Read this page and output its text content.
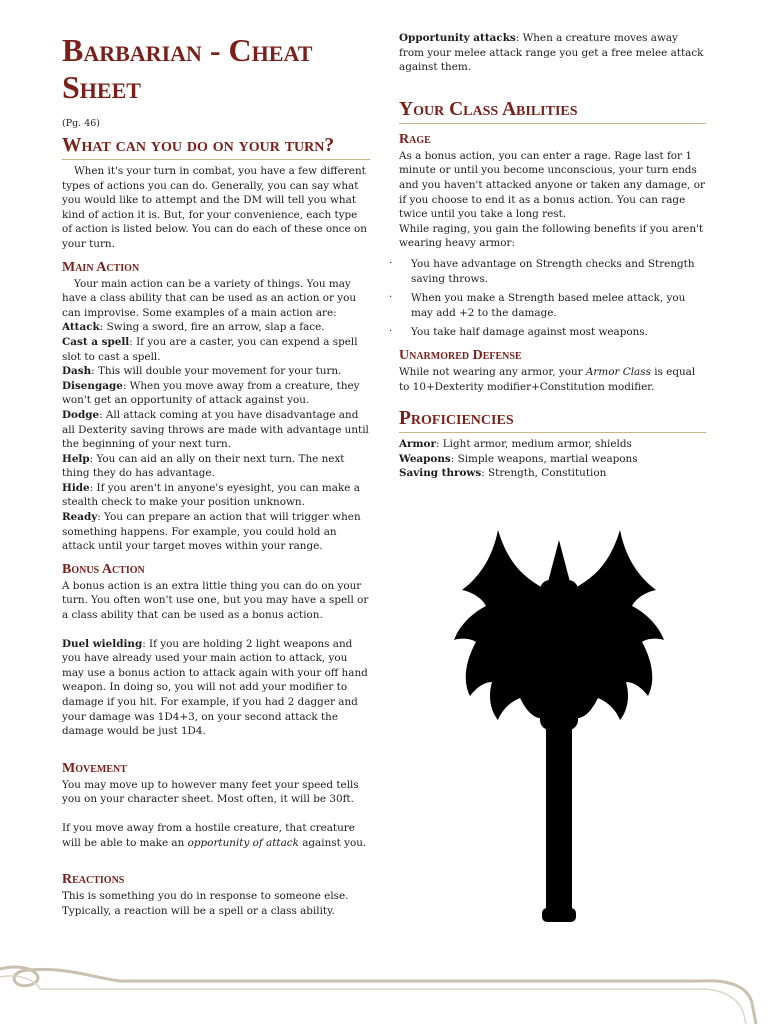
Barbarian - Cheat Sheet

(Pg. 46)

What can you do on your turn?

When it's your turn in combat, you have a few different types of actions you can do. Generally, you can say what you would like to attempt and the DM will tell you what kind of action it is. But, for your convenience, each type of action is listed below. You can do each of these once on your turn.

Main Action

Your main action can be a variety of things. You may have a class ability that can be used as an action or you can improvise. Some examples of a main action are:

Attack: Swing a sword, fire an arrow, slap a face.

Cast a spell: If you are a caster, you can expend a spell slot to cast a spell.

Dash: This will double your movement for your turn.

Disengage: When you move away from a creature, they won't get an opportunity of attack against you.

Dodge: All attack coming at you have disadvantage and all Dexterity saving throws are made with advantage until the beginning of your next turn.

Help: You can aid an ally on their next turn. The next thing they do has advantage.

Hide: If you aren't in anyone's eyesight, you can make a stealth check to make your position unknown.

Ready: You can prepare an action that will trigger when something happens. For example, you could hold an attack until your target moves within your range.

Bonus Action

A bonus action is an extra little thing you can do on your turn. You often won't use one, but you may have a spell or a class ability that can be used as a bonus action.

Duel wielding: If you are holding 2 light weapons and you have already used your main action to attack, you may use a bonus action to attack again with your off hand weapon. In doing so, you will not add your modifier to damage if you hit. For example, if you had 2 dagger and your damage was 1D4+3, on your second attack the damage would be just 1D4.

Movement

You may move up to however many feet your speed tells you on your character sheet. Most often, it will be 30ft.

If you move away from a hostile creature, that creature will be able to make an opportunity of attack against you.

Reactions

This is something you do in response to someone else. Typically, a reaction will be a spell or a class ability.

Opportunity attacks: When a creature moves away from your melee attack range you get a free melee attack against them.

Your Class Abilities
Rage

As a bonus action, you can enter a rage. Rage last for 1 minute or until you become unconscious, your turn ends and you haven't attacked anyone or taken any damage, or if you choose to end it as a bonus action. You can rage twice until you take a long rest.

While raging, you gain the following benefits if you aren't wearing heavy armor:

· You have advantage on Strength checks and Strength saving throws.
· When you make a Strength based melee attack, you may add +2 to the damage.
· You take half damage against most weapons.
Unarmored Defense

While not wearing any armor, your Armor Class is equal to 10+Dexterity modifier+Constitution modifier.

Proficiencies

Armor: Light armor, medium armor, shields

Weapons: Simple weapons, martial weapons

Saving throws: Strength, Constitution
